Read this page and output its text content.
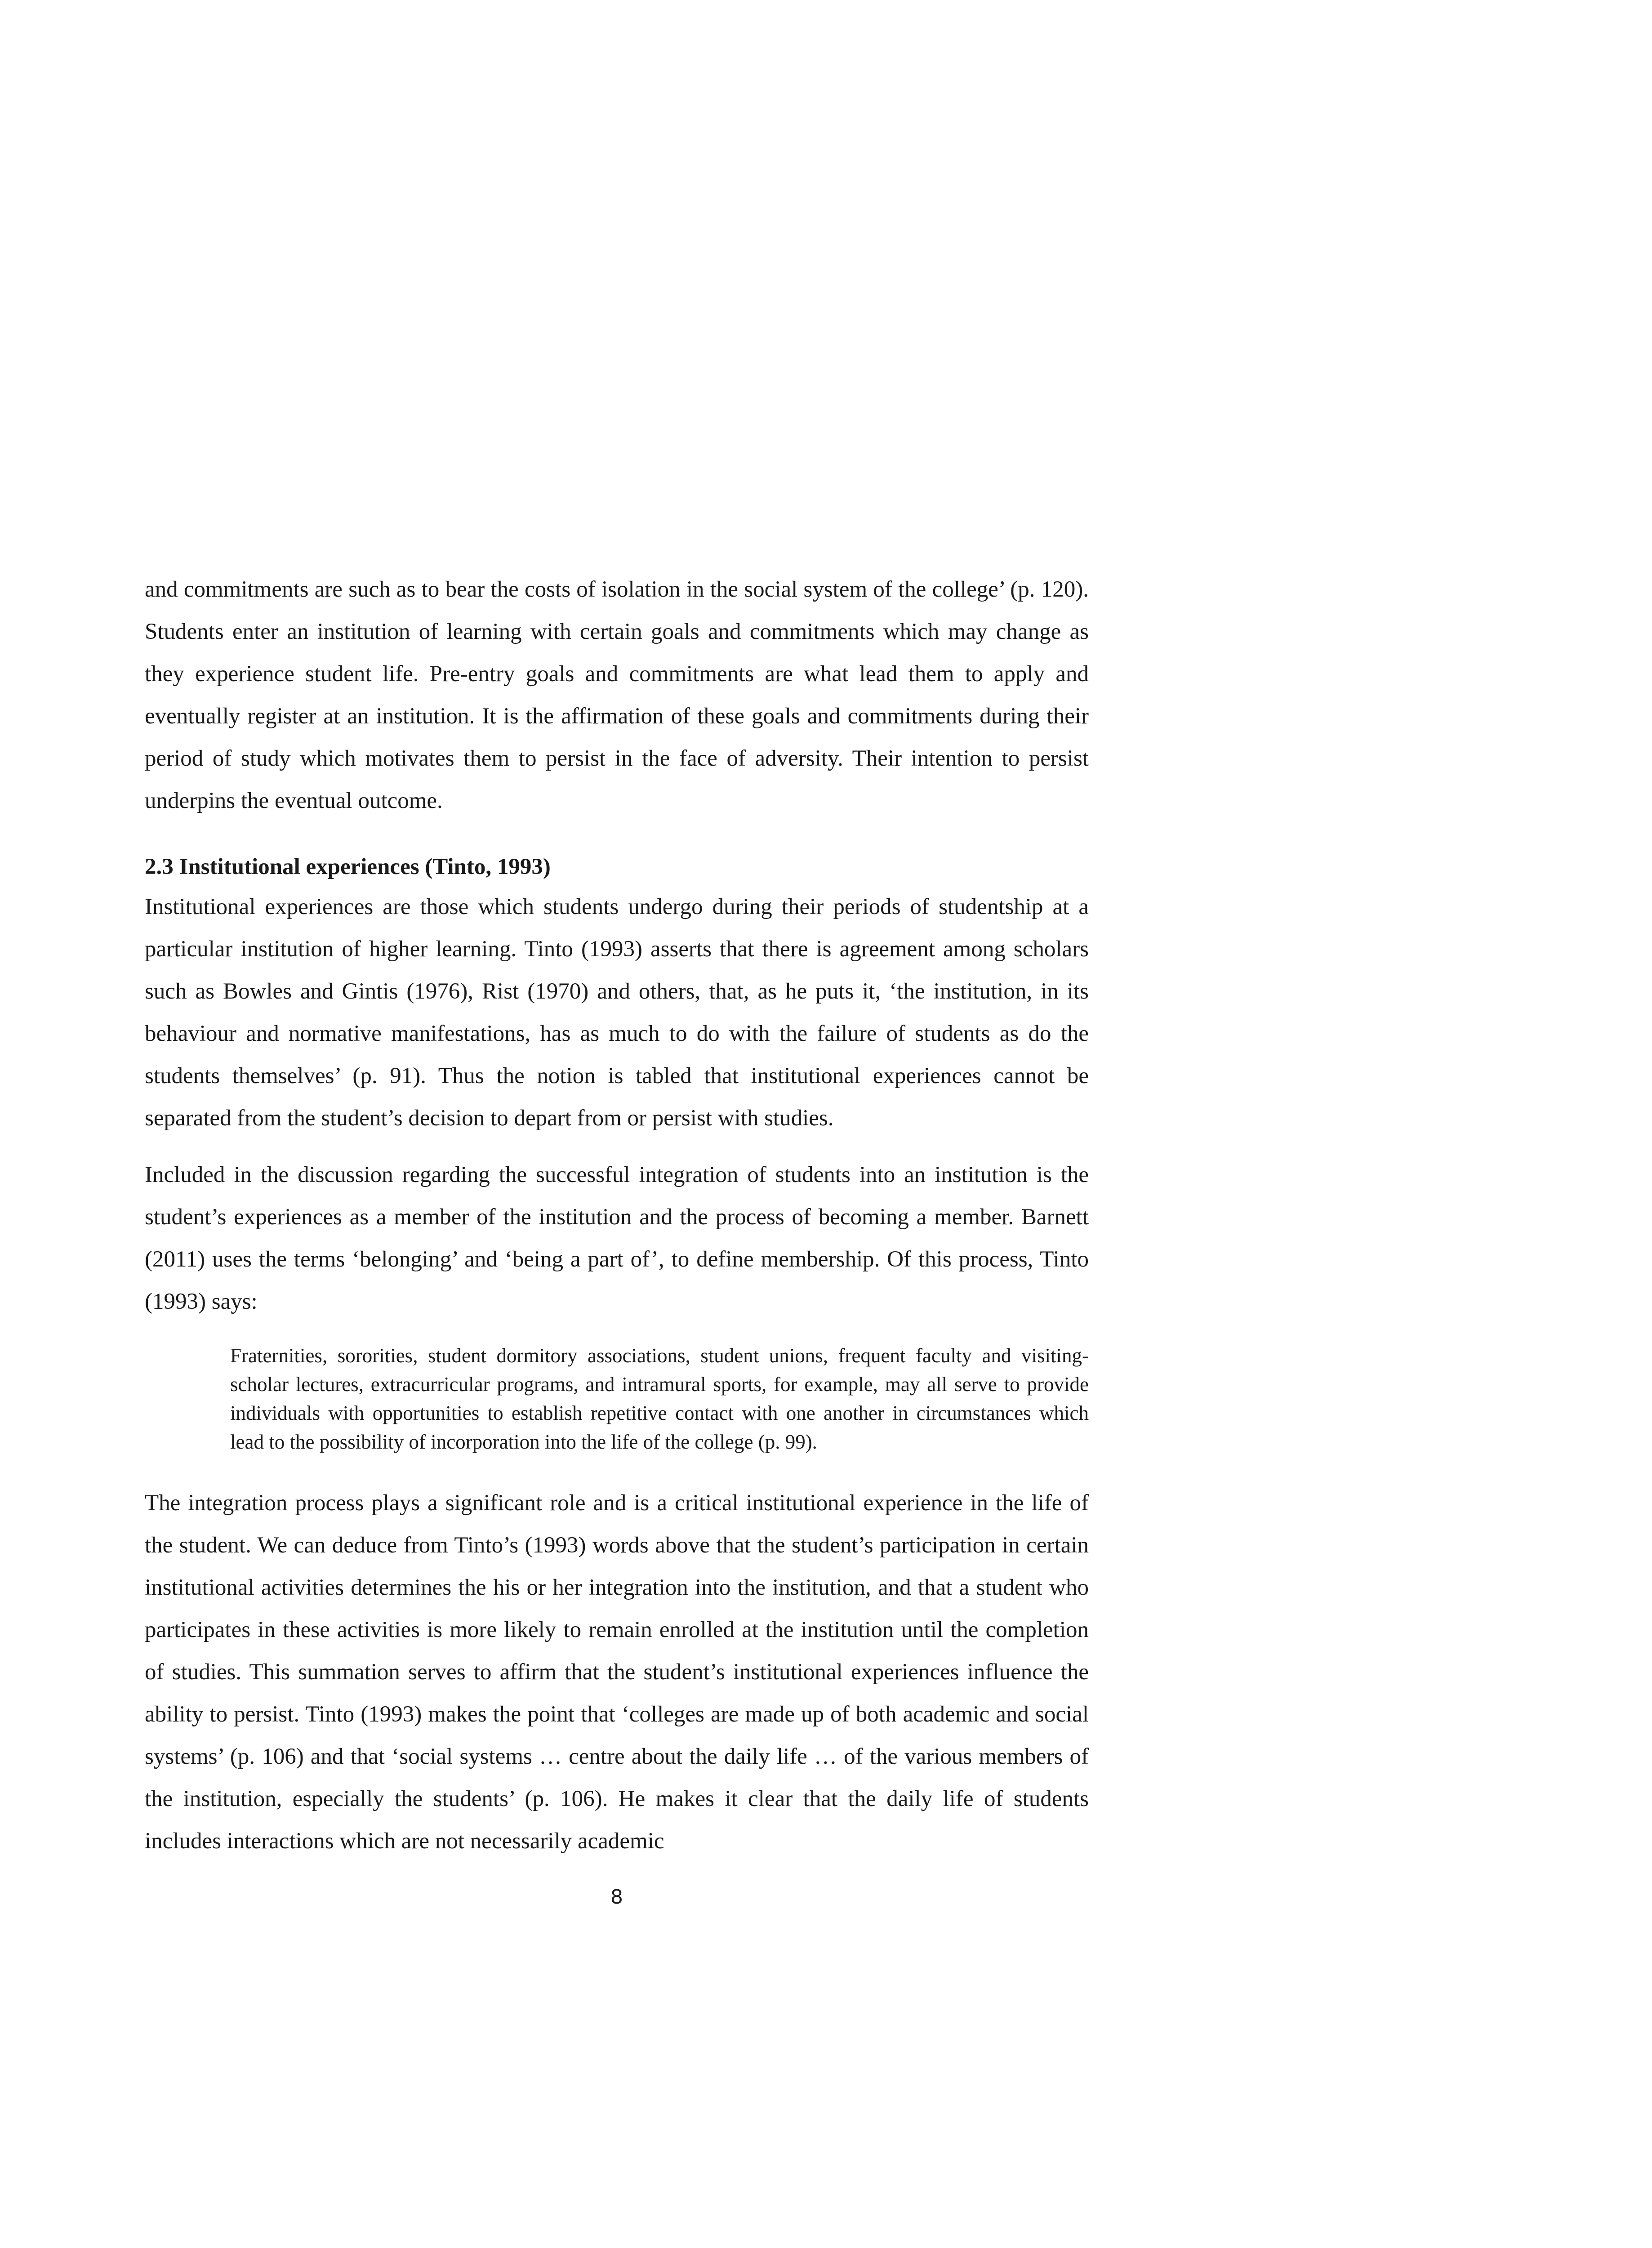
and commitments are such as to bear the costs of isolation in the social system of the college’ (p. 120). Students enter an institution of learning with certain goals and commitments which may change as they experience student life. Pre-entry goals and commitments are what lead them to apply and eventually register at an institution. It is the affirmation of these goals and commitments during their period of study which motivates them to persist in the face of adversity. Their intention to persist underpins the eventual outcome.

2.3 Institutional experiences (Tinto, 1993)

Institutional experiences are those which students undergo during their periods of studentship at a particular institution of higher learning. Tinto (1993) asserts that there is agreement among scholars such as Bowles and Gintis (1976), Rist (1970) and others, that, as he puts it, ‘the institution, in its behaviour and normative manifestations, has as much to do with the failure of students as do the students themselves’ (p. 91). Thus the notion is tabled that institutional experiences cannot be separated from the student’s decision to depart from or persist with studies.

Included in the discussion regarding the successful integration of students into an institution is the student’s experiences as a member of the institution and the process of becoming a member. Barnett (2011) uses the terms ‘belonging’ and ‘being a part of’, to define membership. Of this process, Tinto (1993) says:

Fraternities, sororities, student dormitory associations, student unions, frequent faculty and visiting-scholar lectures, extracurricular programs, and intramural sports, for example, may all serve to provide individuals with opportunities to establish repetitive contact with one another in circumstances which lead to the possibility of incorporation into the life of the college (p. 99).

The integration process plays a significant role and is a critical institutional experience in the life of the student. We can deduce from Tinto’s (1993) words above that the student’s participation in certain institutional activities determines the his or her integration into the institution, and that a student who participates in these activities is more likely to remain enrolled at the institution until the completion of studies. This summation serves to affirm that the student’s institutional experiences influence the ability to persist. Tinto (1993) makes the point that ‘colleges are made up of both academic and social systems’ (p. 106) and that ‘social systems … centre about the daily life … of the various members of the institution, especially the students’ (p. 106). He makes it clear that the daily life of students includes interactions which are not necessarily academic

8
